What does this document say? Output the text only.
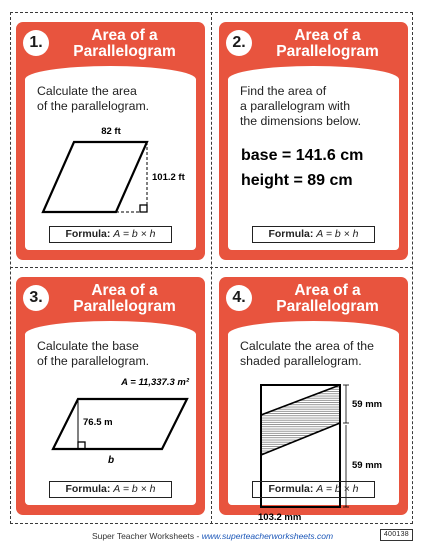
1.	Area of a Parallelogram
Calculate the area
of the parallelogram.
82 ft
101.2 ft
Formula: A = b × h
2.	Area of a Parallelogram
Find the area of
a parallelogram with
the dimensions below.
base = 141.6 cm
height = 89 cm
Formula: A = b × h
3.	Area of a Parallelogram
Calculate the base
of the parallelogram.
A = 11,337.3 m²
76.5 m
b
Formula: A = b × h
4.	Area of a Parallelogram
Calculate the area of the
shaded parallelogram.
59 mm
59 mm
103.2 mm
Formula: A = b × h
Super Teacher Worksheets - www.superteacherworksheets.com	400138
